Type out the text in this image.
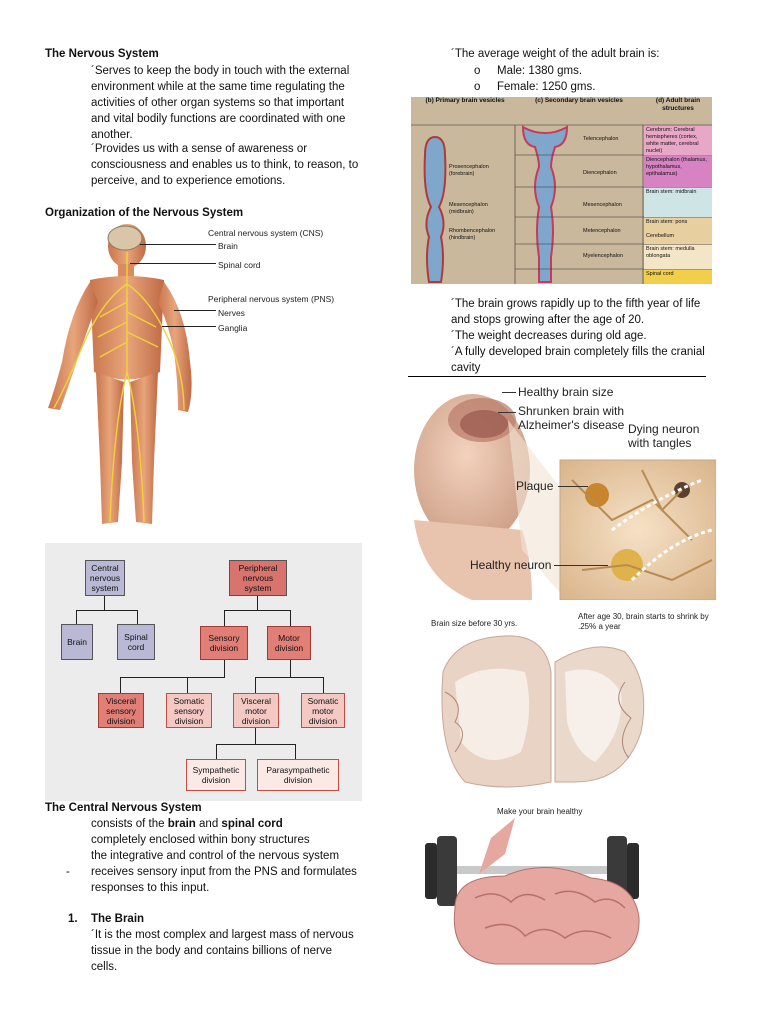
The Nervous System

´Serves to keep the body in touch with the external environment while at the same time regulating the activities of other organ systems so that important and vital bodily functions are coordinated with one another.

´Provides us with a sense of awareness or consciousness and enables us to think, to reason, to perceive, and to experience emotions.

Organization of the Nervous System
Central nervous system (CNS)
Brain
Spinal cord
Peripheral nervous system (PNS)
Nerves
Ganglia
Central nervous system
Peripheral nervous system
Brain	Spinal cord
Sensory division
Motor division
Visceral sensory division
Somatic sensory division
Visceral motor division
Somatic motor division
Sympathetic division
Parasympathetic division
The Central Nervous System
consists of the brain and spinal cord
completely enclosed within bony structures
the integrative and control of the nervous system
- receives sensory input from the PNS and formulates responses to this input.
1. The Brain

´It is the most complex and largest mass of nervous tissue in the body and contains billions of nerve cells.

´The average weight of the adult brain is:
o Male: 1380 gms.
o Female: 1250 gms.
(b) Primary brain vesicles	(c) Secondary brain vesicles	(d) Adult brain structures
Prosencephalon (forebrain)
Mesencephalon (midbrain)
Rhombencephalon (hindbrain)
Telencephalon
Diencephalon
Mesencephalon
Metencephalon
Myelencephalon
Cerebrum: Cerebral hemispheres (cortex, white matter, cerebral nuclei)
Diencephalon (thalamus, hypothalamus, epithalamus)
Brain stem: midbrain
Brain stem: pons
Cerebellum
Brain stem: medulla oblongata
Spinal cord

´The brain grows rapidly up to the fifth year of life and stops growing after the age of 20.

´The weight decreases during old age.

´A fully developed brain completely fills the cranial cavity

Healthy brain size
Shrunken brain with Alzheimer's disease Dying neuron with tangles
Plaque
Healthy neuron
Brain size before 30 yrs.
After age 30, brain starts to shrink by .25% a year
Make your brain healthy
